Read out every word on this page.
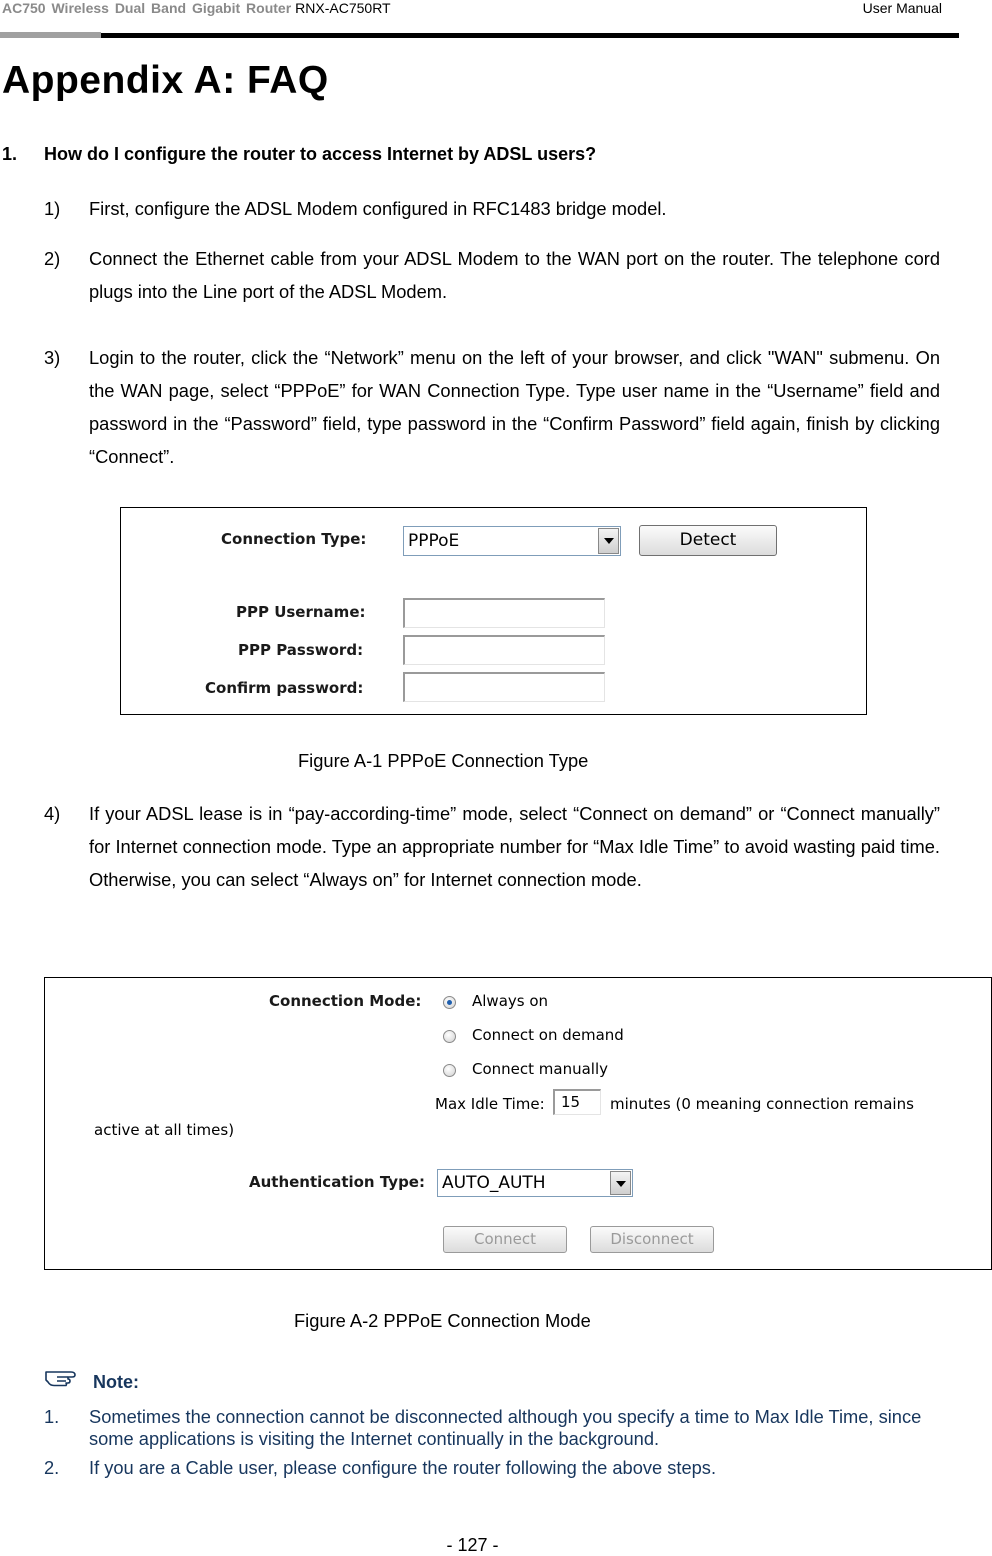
AC750 Wireless Dual Band Gigabit Router RNX-AC750RT	User Manual
Appendix A: FAQ
1. How do I configure the router to access Internet by ADSL users?
1) First, configure the ADSL Modem configured in RFC1483 bridge model.
2) Connect the Ethernet cable from your ADSL Modem to the WAN port on the router. The telephone cord plugs into the Line port of the ADSL Modem.
3) Login to the router, click the “Network” menu on the left of your browser, and click "WAN" submenu. On the WAN page, select “PPPoE” for WAN Connection Type. Type user name in the “Username” field and password in the “Password” field, type password in the “Confirm Password” field again, finish by clicking “Connect”.
Connection Type: PPPoE	Detect
PPP Username:
PPP Password:
Confirm password:
Figure A-1 PPPoE Connection Type
4) If your ADSL lease is in “pay-according-time” mode, select “Connect on demand” or “Connect manually” for Internet connection mode. Type an appropriate number for “Max Idle Time” to avoid wasting paid time. Otherwise, you can select “Always on” for Internet connection mode.
Connection Mode:	Always on
Connect on demand
Connect manually
Max Idle Time:	15	minutes (0 meaning connection remains
active at all times)
Authentication Type: AUTO_AUTH
Connect	Disconnect
Figure A-2 PPPoE Connection Mode
Note:
1. Sometimes the connection cannot be disconnected although you specify a time to Max Idle Time, since some applications is visiting the Internet continually in the background.
2. If you are a Cable user, please configure the router following the above steps.
- 127 -
